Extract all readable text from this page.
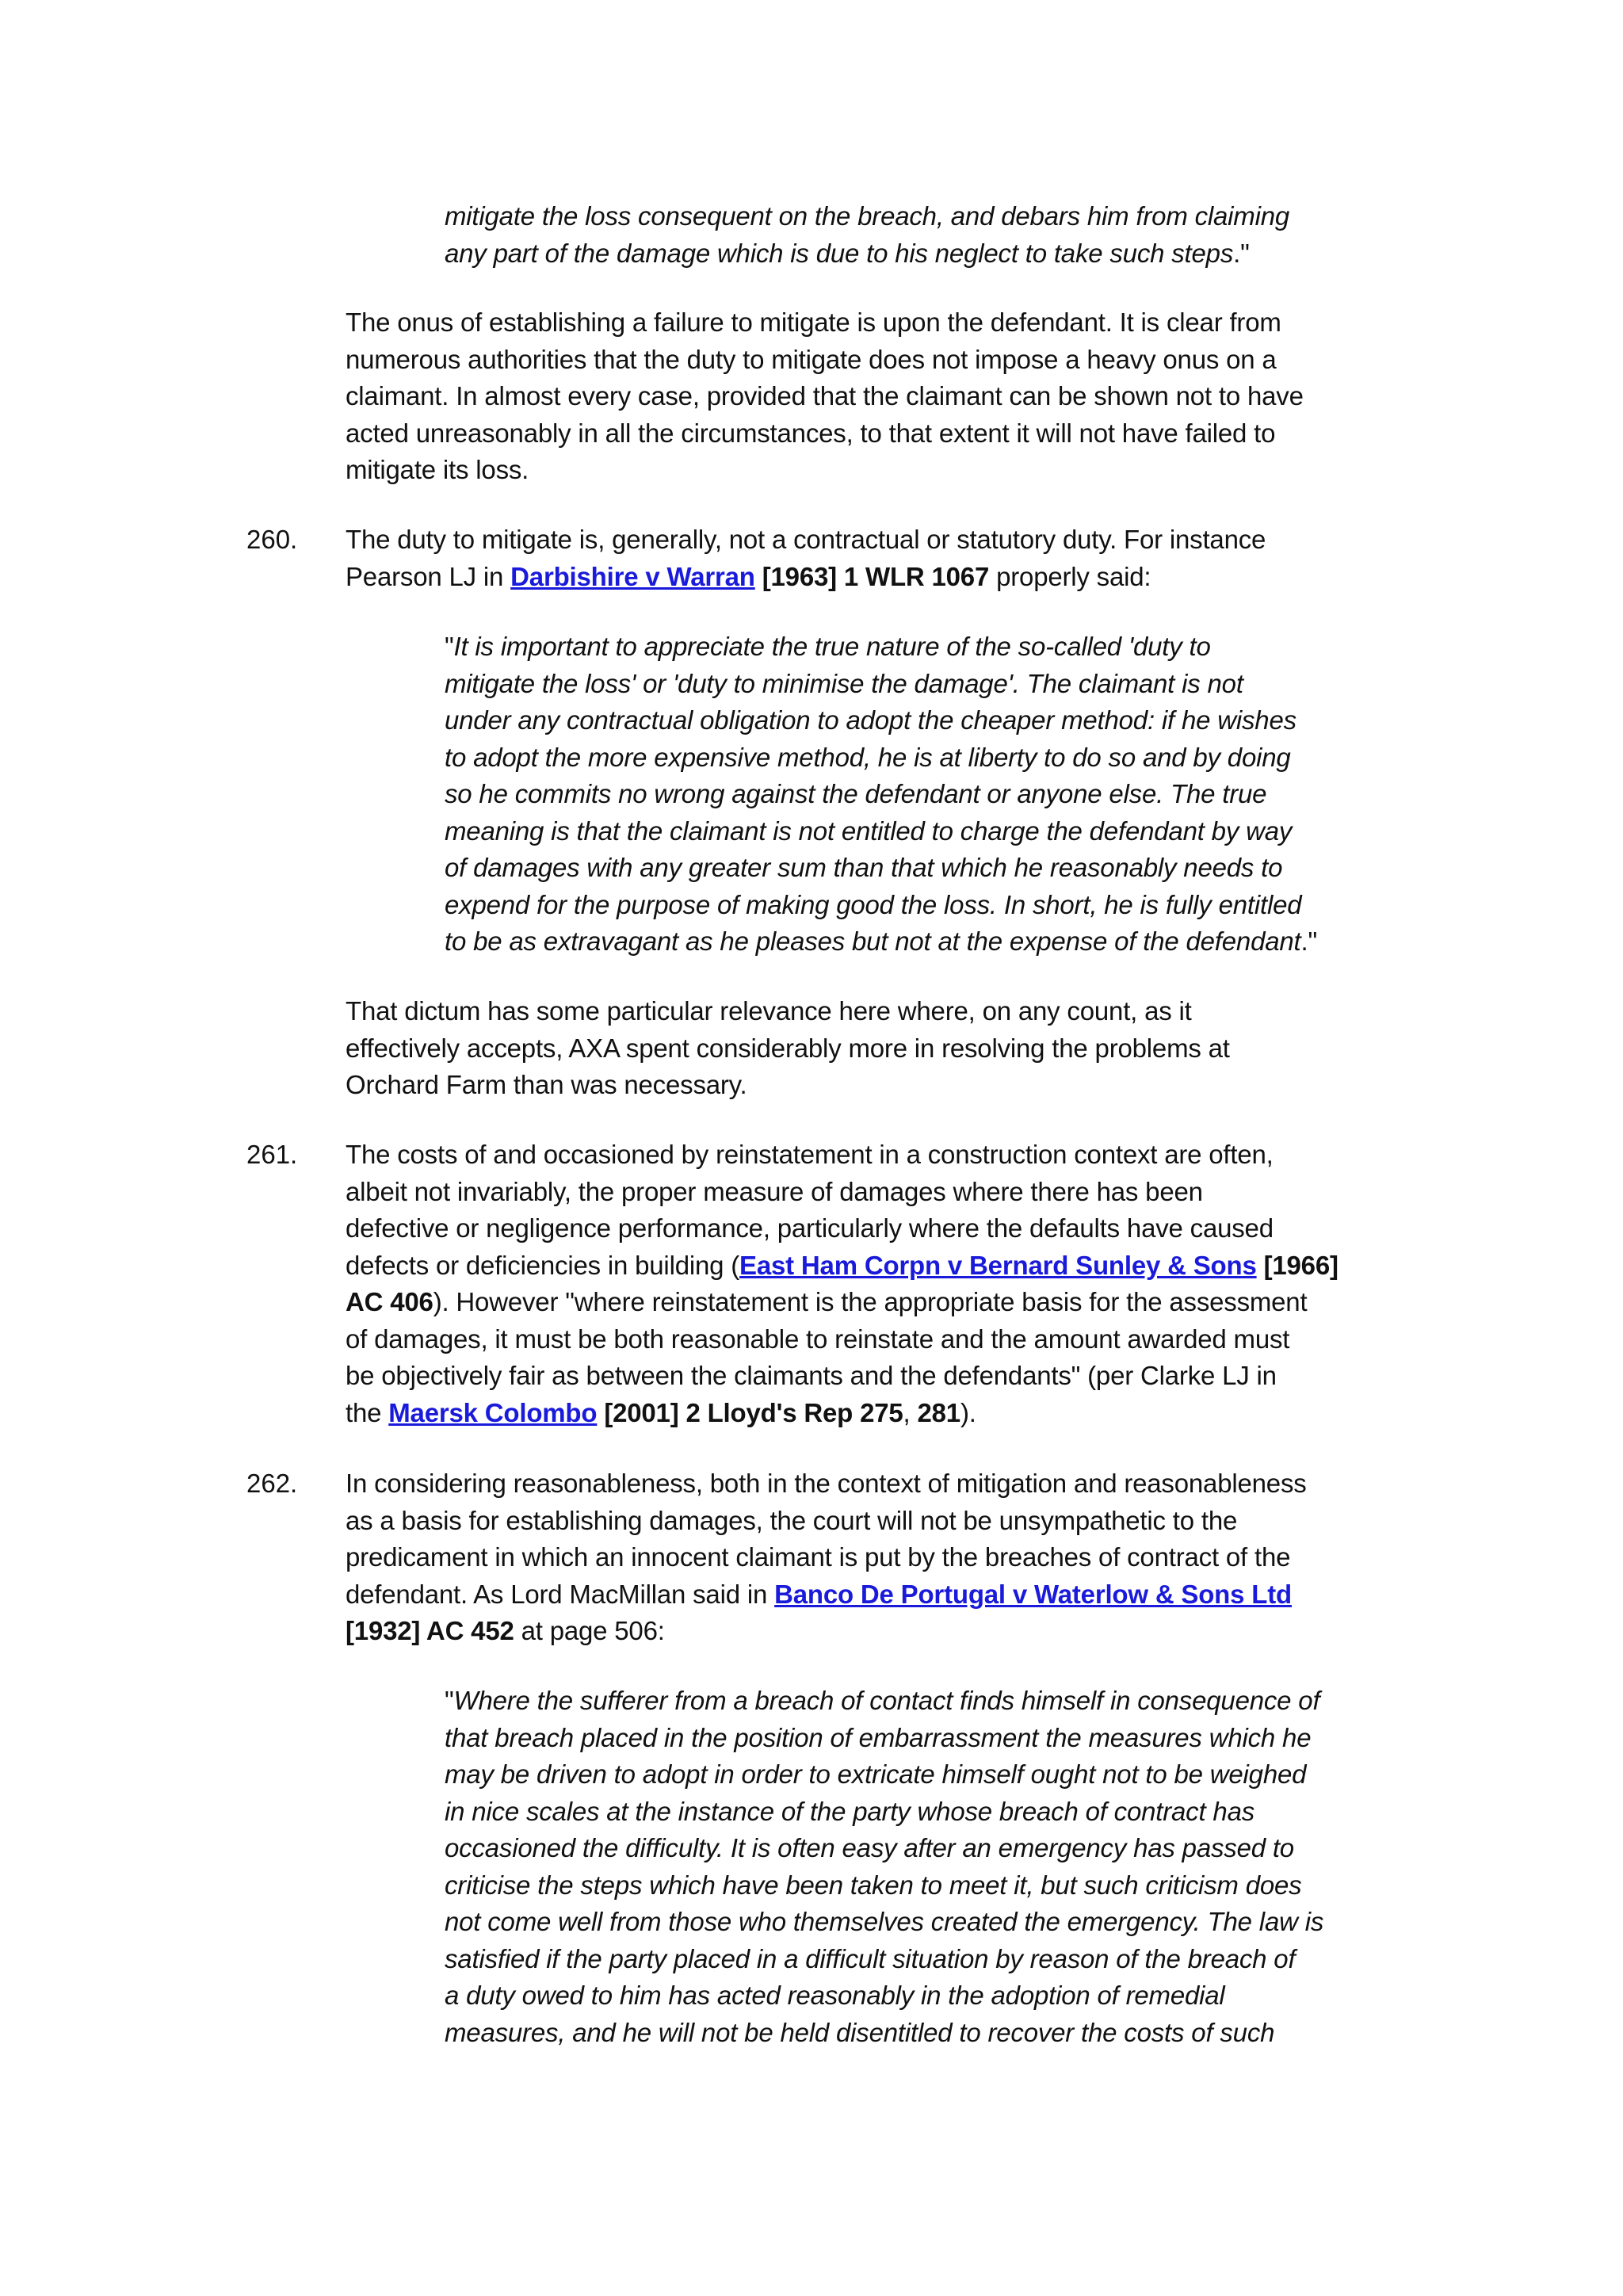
mitigate the loss consequent on the breach, and debars him from claiming
any part of the damage which is due to his neglect to take such steps."
The onus of establishing a failure to mitigate is upon the defendant. It is clear from
numerous authorities that the duty to mitigate does not impose a heavy onus on a
claimant. In almost every case, provided that the claimant can be shown not to have
acted unreasonably in all the circumstances, to that extent it will not have failed to
mitigate its loss.
260. The duty to mitigate is, generally, not a contractual or statutory duty. For instance
Pearson LJ in Darbishire v Warran [1963] 1 WLR 1067 properly said:
"It is important to appreciate the true nature of the so-called 'duty to
mitigate the loss' or 'duty to minimise the damage'. The claimant is not
under any contractual obligation to adopt the cheaper method: if he wishes
to adopt the more expensive method, he is at liberty to do so and by doing
so he commits no wrong against the defendant or anyone else. The true
meaning is that the claimant is not entitled to charge the defendant by way
of damages with any greater sum than that which he reasonably needs to
expend for the purpose of making good the loss. In short, he is fully entitled
to be as extravagant as he pleases but not at the expense of the defendant."
That dictum has some particular relevance here where, on any count, as it
effectively accepts, AXA spent considerably more in resolving the problems at
Orchard Farm than was necessary.
261. The costs of and occasioned by reinstatement in a construction context are often,
albeit not invariably, the proper measure of damages where there has been
defective or negligence performance, particularly where the defaults have caused
defects or deficiencies in building (East Ham Corpn v Bernard Sunley & Sons [1966]
AC 406). However "where reinstatement is the appropriate basis for the assessment
of damages, it must be both reasonable to reinstate and the amount awarded must
be objectively fair as between the claimants and the defendants" (per Clarke LJ in
the Maersk Colombo [2001] 2 Lloyd's Rep 275, 281).
262. In considering reasonableness, both in the context of mitigation and reasonableness
as a basis for establishing damages, the court will not be unsympathetic to the
predicament in which an innocent claimant is put by the breaches of contract of the
defendant. As Lord MacMillan said in Banco De Portugal v Waterlow & Sons Ltd
[1932] AC 452 at page 506:
"Where the sufferer from a breach of contact finds himself in consequence of
that breach placed in the position of embarrassment the measures which he
may be driven to adopt in order to extricate himself ought not to be weighed
in nice scales at the instance of the party whose breach of contract has
occasioned the difficulty. It is often easy after an emergency has passed to
criticise the steps which have been taken to meet it, but such criticism does
not come well from those who themselves created the emergency. The law is
satisfied if the party placed in a difficult situation by reason of the breach of
a duty owed to him has acted reasonably in the adoption of remedial
measures, and he will not be held disentitled to recover the costs of such
